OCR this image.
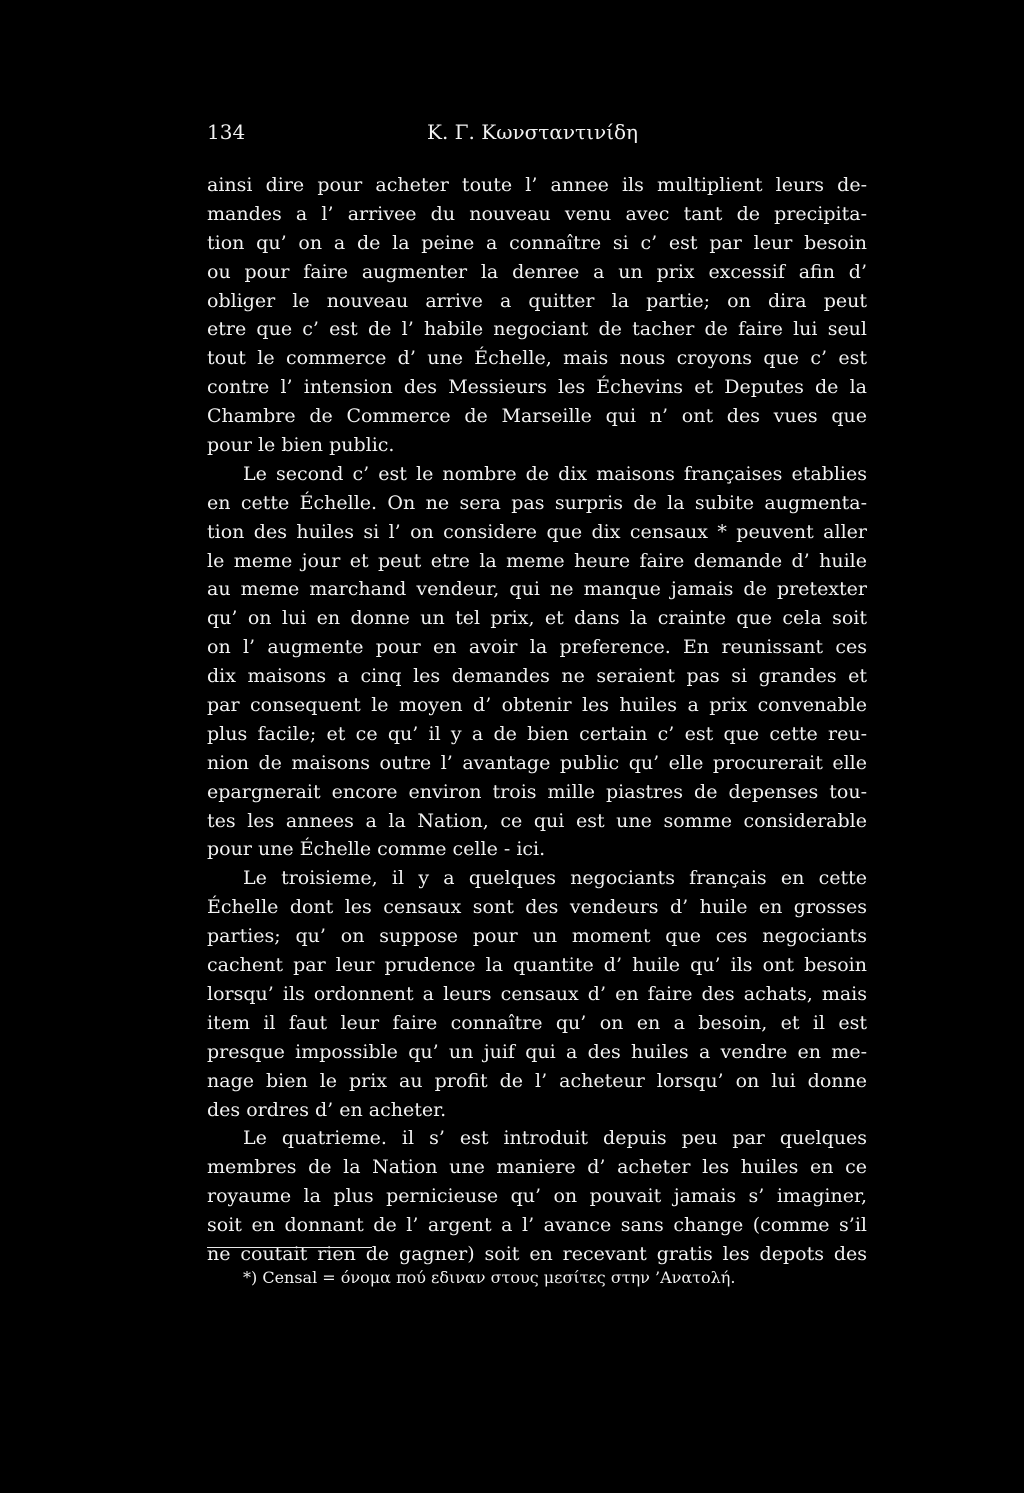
134	Κ. Γ. Κωνσταντινίδη
ainsi dire pour acheter toute l’ annee ils multiplient leurs de-
mandes a l’ arrivee du nouveau venu avec tant de precipita-
tion qu’ on a de la peine a connaître si c’ est par leur besoin
ou pour faire augmenter la denree a un prix excessif afin d’
obliger le nouveau arrive a quitter la partie; on dira peut
etre que c’ est de l’ habile negociant de tacher de faire lui seul
tout le commerce d’ une Échelle, mais nous croyons que c’ est
contre l’ intension des Messieurs les Échevins et Deputes de la
Chambre de Commerce de Marseille qui n’ ont des vues que
pour le bien public.
Le second c’ est le nombre de dix maisons françaises etablies
en cette Échelle. On ne sera pas surpris de la subite augmenta-
tion des huiles si l’ on considere que dix censaux * peuvent aller
le meme jour et peut etre la meme heure faire demande d’ huile
au meme marchand vendeur, qui ne manque jamais de pretexter
qu’ on lui en donne un tel prix, et dans la crainte que cela soit
on l’ augmente pour en avoir la preference. En reunissant ces
dix maisons a cinq les demandes ne seraient pas si grandes et
par consequent le moyen d’ obtenir les huiles a prix convenable
plus facile; et ce qu’ il y a de bien certain c’ est que cette reu-
nion de maisons outre l’ avantage public qu’ elle procurerait elle
epargnerait encore environ trois mille piastres de depenses tou-
tes les annees a la Nation, ce qui est une somme considerable
pour une Échelle comme celle - ici.
Le troisieme, il y a quelques negociants français en cette
Échelle dont les censaux sont des vendeurs d’ huile en grosses
parties; qu’ on suppose pour un moment que ces negociants
cachent par leur prudence la quantite d’ huile qu’ ils ont besoin
lorsqu’ ils ordonnent a leurs censaux d’ en faire des achats, mais
item il faut leur faire connaître qu’ on en a besoin, et il est
presque impossible qu’ un juif qui a des huiles a vendre en me-
nage bien le prix au profit de l’ acheteur lorsqu’ on lui donne
des ordres d’ en acheter.
Le quatrieme. il s’ est introduit depuis peu par quelques
membres de la Nation une maniere d’ acheter les huiles en ce
royaume la plus pernicieuse qu’ on pouvait jamais s’ imaginer,
soit en donnant de l’ argent a l’ avance sans change (comme s’il
ne coutait rien de gagner) soit en recevant gratis les depots des
*) Censal = όνομα πού εδιναν στους μεσίτες στην ’Ανατολή.
